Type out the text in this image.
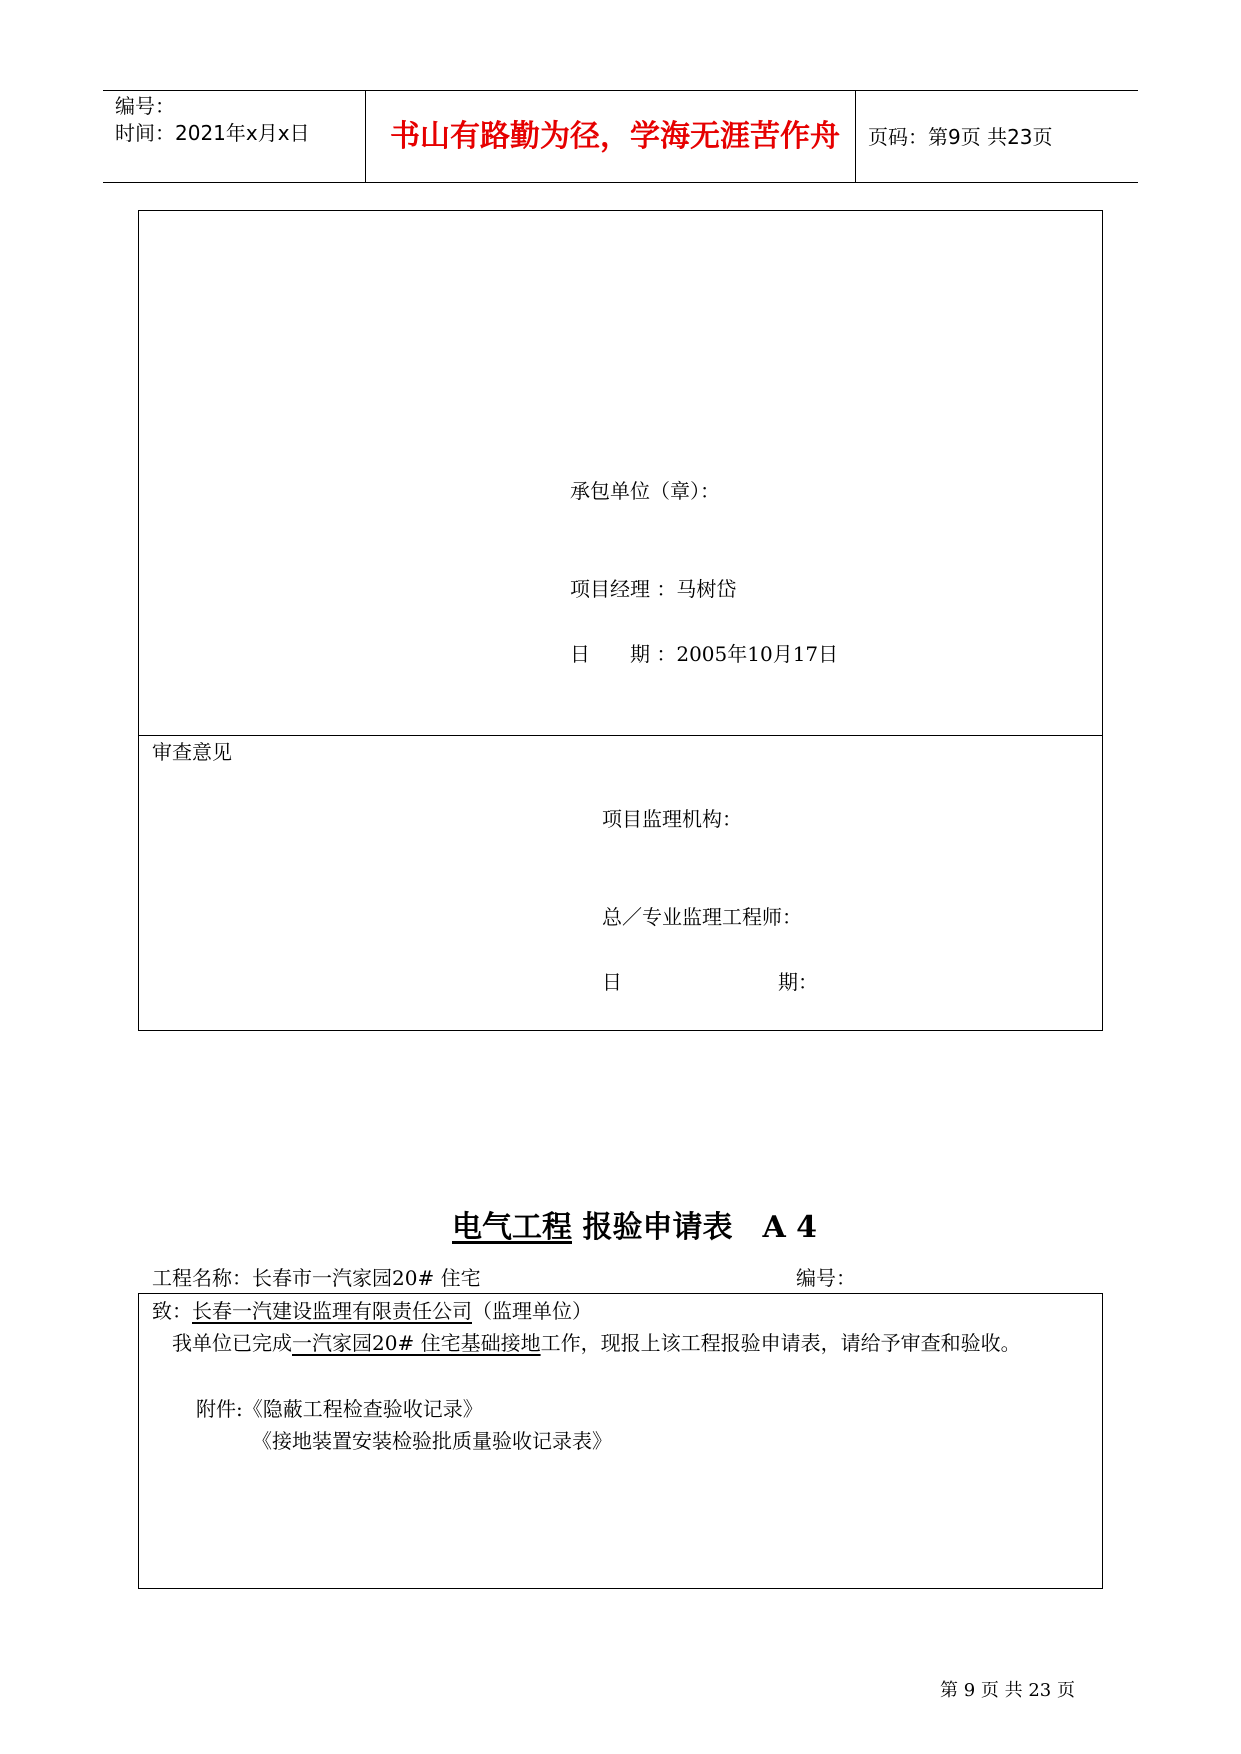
编号：
时间：2021年x月x日	书山有路勤为径，学海无涯苦作舟 页码：第9页 共23页
承包单位（章）：
项目经理 ：马树岱
日　　期 ：2005年10月17日
审查意见
项目监理机构：
总／专业监理工程师：
日	期：
电气工程 报验申请表　A 4
工程名称：长春市一汽家园20# 住宅	编号：
致：长春一汽建设监理有限责任公司（监理单位）
我单位已完成一汽家园20# 住宅基础接地工作，现报上该工程报验申请表，请给予审查和验收。
附件:《隐蔽工程检查验收记录》
《接地装置安装检验批质量验收记录表》
第 9 页 共 23 页
